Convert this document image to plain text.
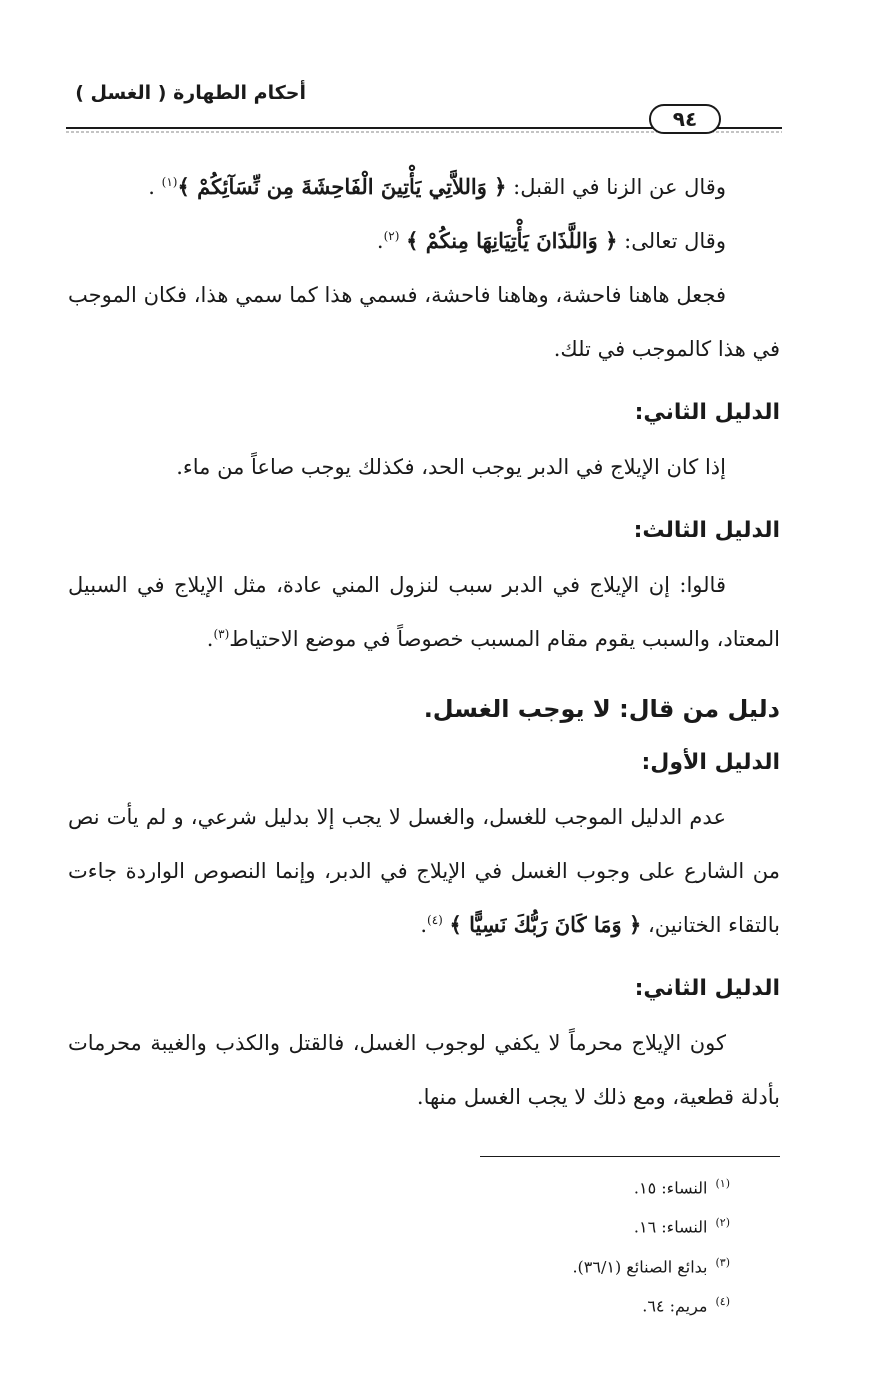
أحكام الطهارة ( الغسل )
٩٤

وقال عن الزنا في القبل: ﴿ وَاللاَّتِي يَأْتِينَ الْفَاحِشَةَ مِن نِّسَآئِكُمْ ﴾$^{(١)}$ .

وقال تعالى: ﴿ وَاللَّذَانَ يَأْتِيَانِهَا مِنكُمْ ﴾ $^{(٢)}$.

فجعل هاهنا فاحشة، وهاهنا فاحشة، فسمي هذا كما سمي هذا، فكان الموجب في هذا كالموجب في تلك.

الدليل الثاني:

إذا كان الإيلاج في الدبر يوجب الحد، فكذلك يوجب صاعاً من ماء.

الدليل الثالث:

قالوا: إن الإيلاج في الدبر سبب لنزول المني عادة، مثل الإيلاج في السبيل المعتاد، والسبب يقوم مقام المسبب خصوصاً في موضع الاحتياط$^{(٣)}$.

دليل من قال: لا يوجب الغسل.

الدليل الأول:

عدم الدليل الموجب للغسل، والغسل لا يجب إلا بدليل شرعي، و لم يأت نص من الشارع على وجوب الغسل في الإيلاج في الدبر، وإنما النصوص الواردة جاءت بالتقاء الختانين، ﴿ وَمَا كَانَ رَبُّكَ نَسِيًّا ﴾ $^{(٤)}$.

الدليل الثاني:

كون الإيلاج محرماً لا يكفي لوجوب الغسل، فالقتل والكذب والغيبة محرمات بأدلة قطعية، ومع ذلك لا يجب الغسل منها.

$^{(١)}$النساء: ١٥.
$^{(٢)}$النساء: ١٦.
$^{(٣)}$بدائع الصنائع (٣٦/١).
$^{(٤)}$مريم: ٦٤.
